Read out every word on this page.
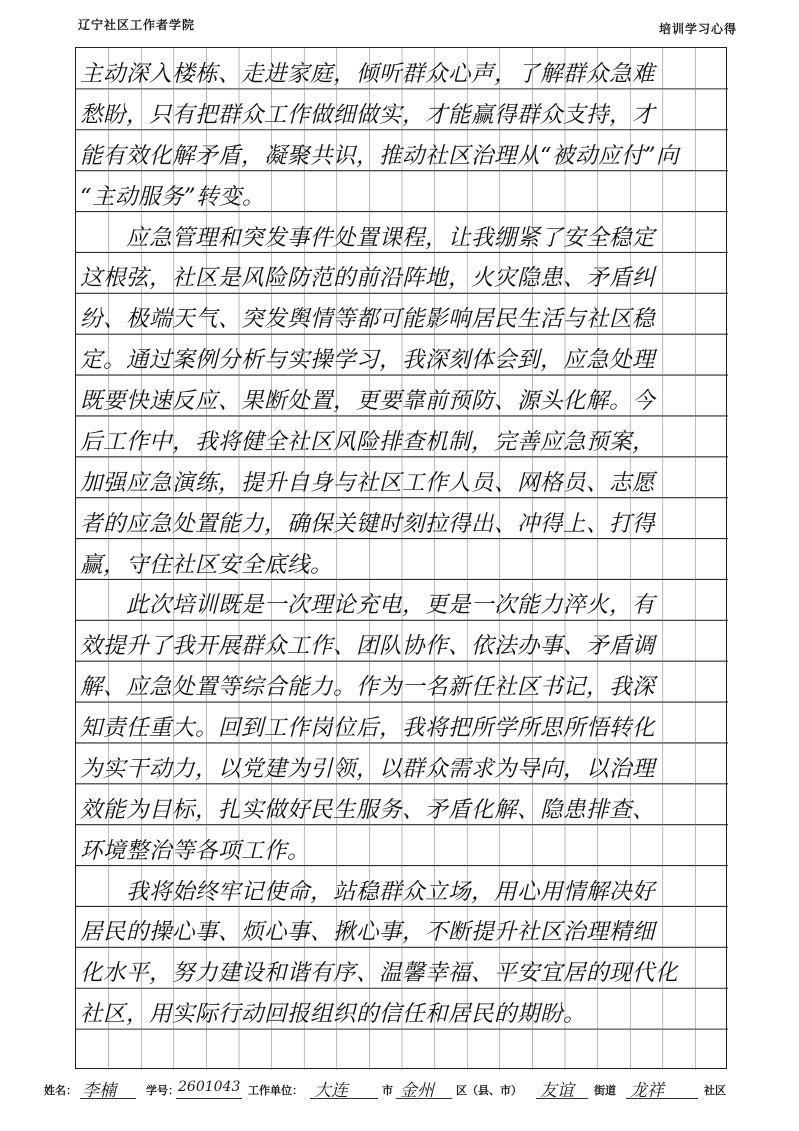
辽宁社区工作者学院	培训学习心得
主动深入楼栋、走进家庭，倾听群众心声，了解群众急难
愁盼，只有把群众工作做细做实，才能赢得群众支持，才
能有效化解矛盾，凝聚共识，推动社区治理从“被动应付”向
“主动服务”转变。
　　应急管理和突发事件处置课程，让我绷紧了安全稳定
这根弦，社区是风险防范的前沿阵地，火灾隐患、矛盾纠
纷、极端天气、突发舆情等都可能影响居民生活与社区稳
定。通过案例分析与实操学习，我深刻体会到，应急处理
既要快速反应、果断处置，更要靠前预防、源头化解。今
后工作中，我将健全社区风险排查机制，完善应急预案，
加强应急演练，提升自身与社区工作人员、网格员、志愿
者的应急处置能力，确保关键时刻拉得出、冲得上、打得
赢，守住社区安全底线。
　　此次培训既是一次理论充电，更是一次能力淬火，有
效提升了我开展群众工作、团队协作、依法办事、矛盾调
解、应急处置等综合能力。作为一名新任社区书记，我深
知责任重大。回到工作岗位后，我将把所学所思所悟转化
为实干动力，以党建为引领，以群众需求为导向，以治理
效能为目标，扎实做好民生服务、矛盾化解、隐患排查、
环境整治等各项工作。
　　我将始终牢记使命，站稳群众立场，用心用情解决好
居民的操心事、烦心事、揪心事，不断提升社区治理精细
化水平，努力建设和谐有序、温馨幸福、平安宜居的现代化
社区，用实际行动回报组织的信任和居民的期盼。
姓名： 李楠	学号： 2601043 工作单位： 大连	市 金州 区（县、市） 友谊 街道 龙祥	社区
